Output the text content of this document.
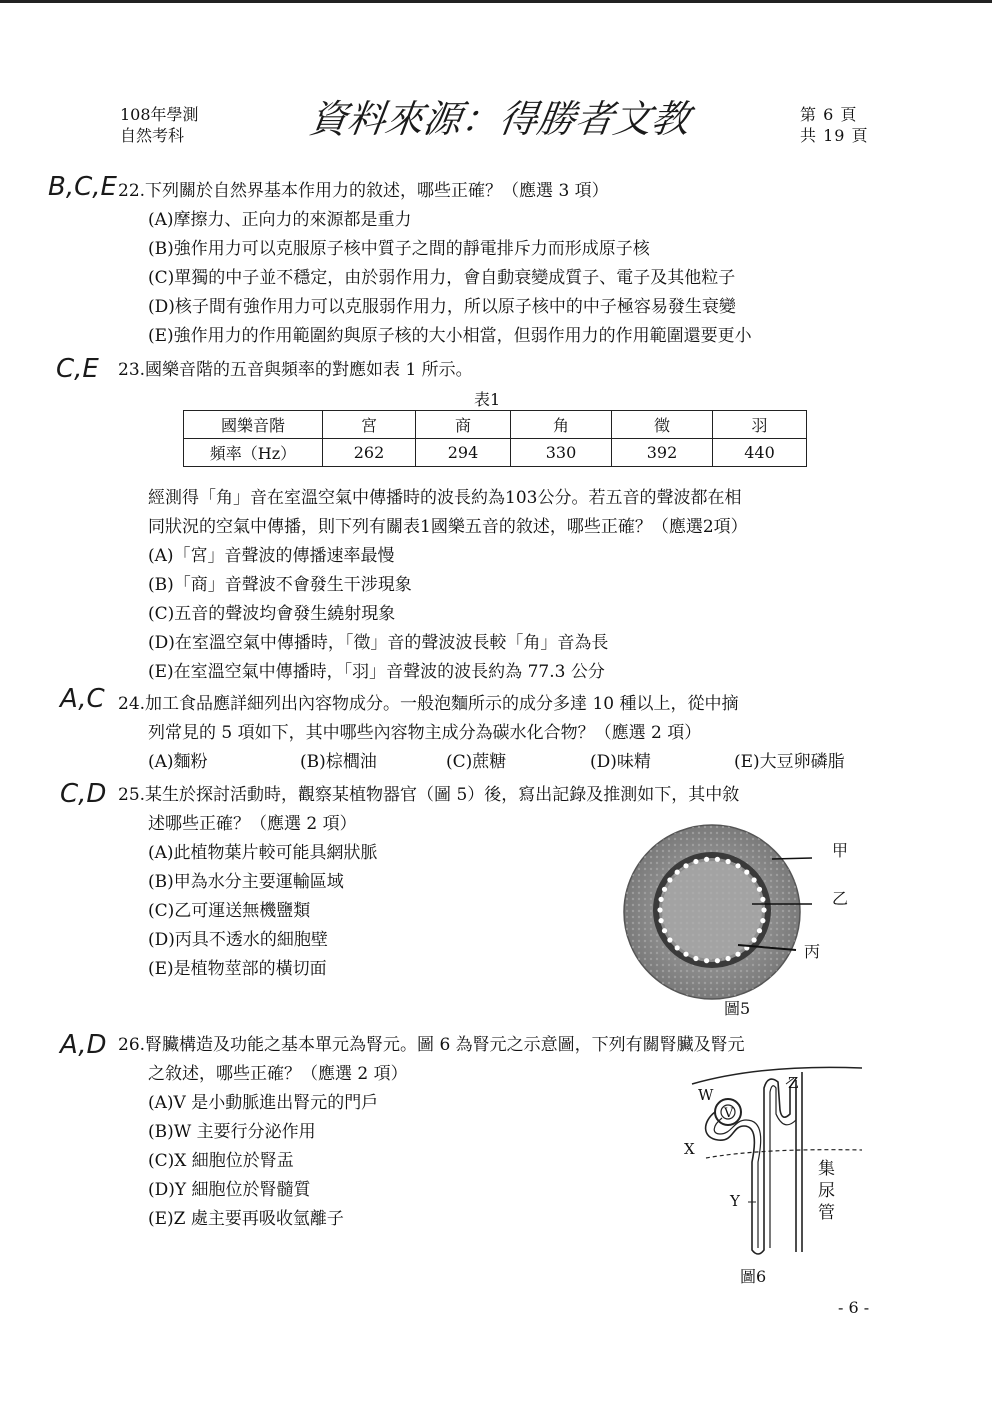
108年學測
自然考科	資料來源：得勝者文教	第 6 頁
共 19 頁
B,C,E 22.下列關於自然界基本作用力的敘述，哪些正確？（應選 3 項）
(A)摩擦力、正向力的來源都是重力
(B)強作用力可以克服原子核中質子之間的靜電排斥力而形成原子核
(C)單獨的中子並不穩定，由於弱作用力，會自動衰變成質子、電子及其他粒子
(D)核子間有強作用力可以克服弱作用力，所以原子核中的中子極容易發生衰變
(E)強作用力的作用範圍約與原子核的大小相當，但弱作用力的作用範圍還要更小
C,E 23.國樂音階的五音與頻率的對應如表 1 所示。
表1
國樂音階	宮	商	角	徵	羽
頻率（Hz）	262	294	330	392	440
經測得「角」音在室溫空氣中傳播時的波長約為103公分。若五音的聲波都在相
同狀況的空氣中傳播，則下列有關表1國樂五音的敘述，哪些正確？（應選2項）
(A)「宮」音聲波的傳播速率最慢
(B)「商」音聲波不會發生干涉現象
(C)五音的聲波均會發生繞射現象
(D)在室溫空氣中傳播時，「徵」音的聲波波長較「角」音為長
(E)在室溫空氣中傳播時，「羽」音聲波的波長約為 77.3 公分
A,C 24.加工食品應詳細列出內容物成分。一般泡麵所示的成分多達 10 種以上，從中摘
列常見的 5 項如下，其中哪些內容物主成分為碳水化合物？（應選 2 項）
(A)麵粉	(B)棕櫚油	(C)蔗糖	(D)味精	(E)大豆卵磷脂
C,D 25.某生於探討活動時，觀察某植物器官（圖 5）後，寫出記錄及推測如下，其中敘
述哪些正確？（應選 2 項）
(A)此植物葉片較可能具網狀脈
(B)甲為水分主要運輸區域
(C)乙可運送無機鹽類
(D)丙具不透水的細胞壁
(E)是植物莖部的橫切面
甲
乙
丙
圖5
A,D 26.腎臟構造及功能之基本單元為腎元。圖 6 為腎元之示意圖，下列有關腎臟及腎元
之敘述，哪些正確？（應選 2 項）
(A)V 是小動脈進出腎元的門戶
(B)W 主要行分泌作用
(C)X 細胞位於腎盂
(D)Y 細胞位於腎髓質
(E)Z 處主要再吸收氫離子
W
V
Z
X
Y
集
尿
管
圖6
- 6 -
